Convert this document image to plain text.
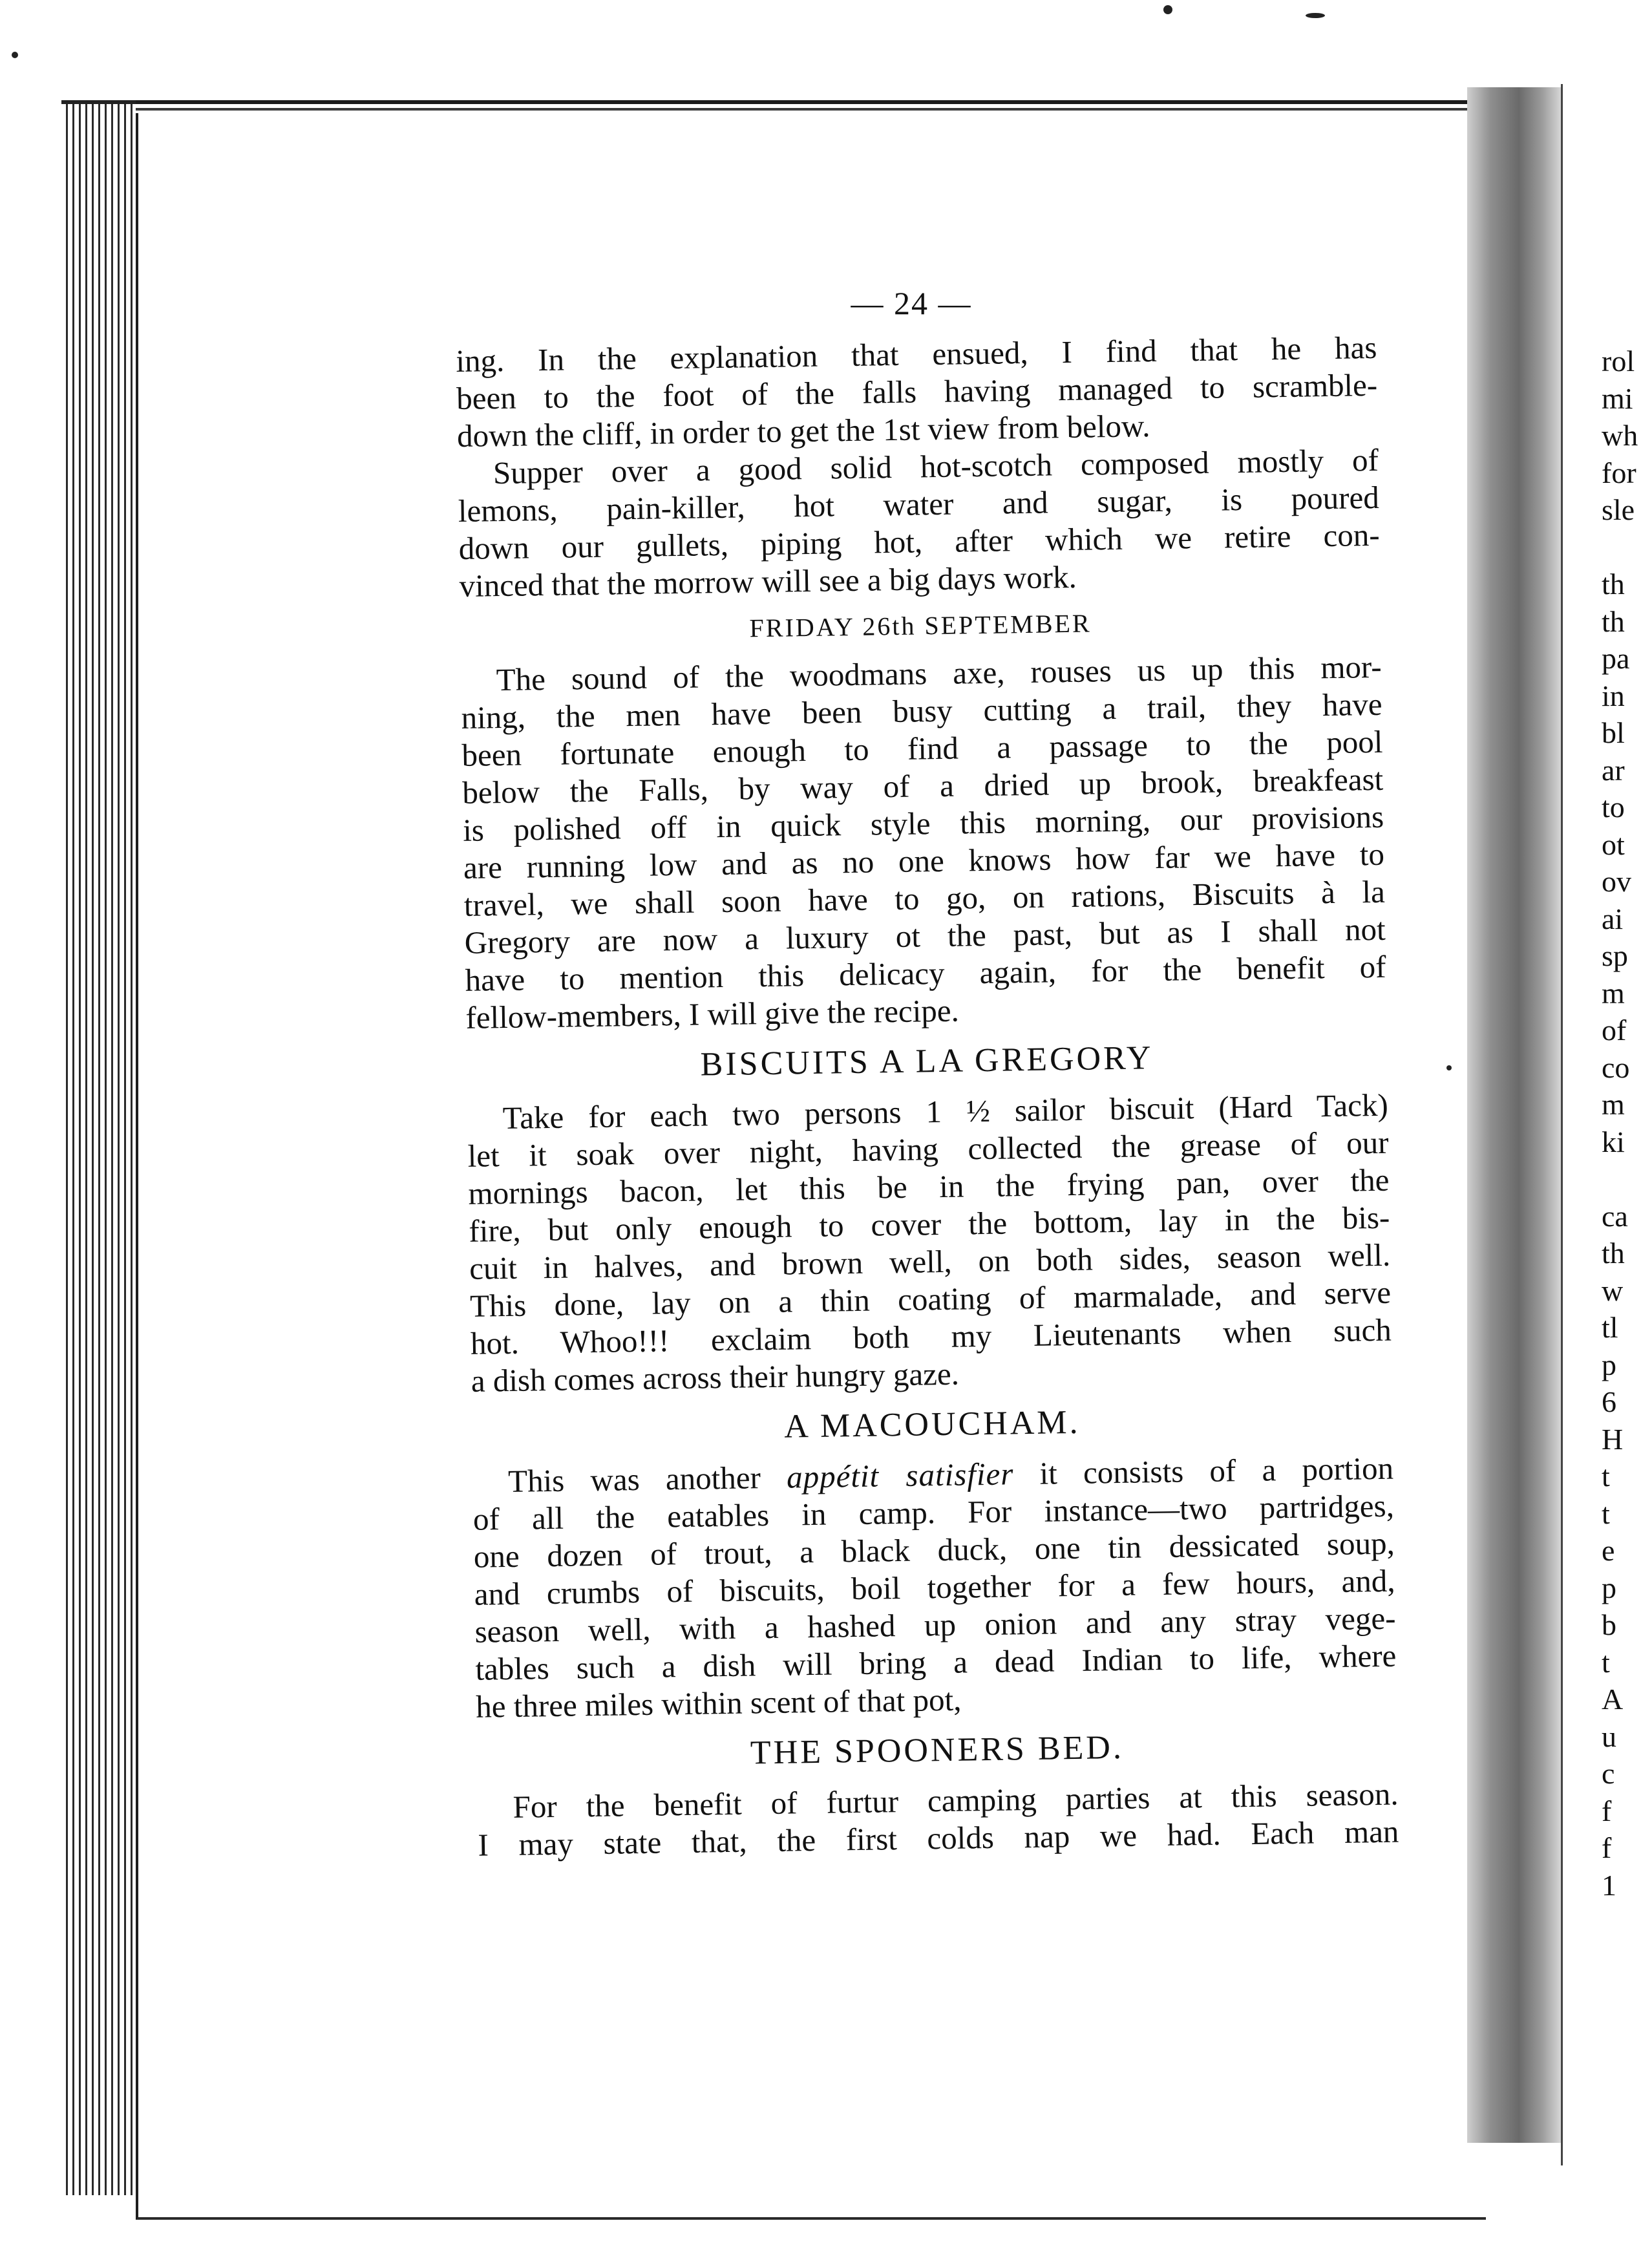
— 24 —
ing. In the explanation that ensued, I find that he has
been to the foot of the falls having managed to scramble-
down the cliff, in order to get the 1st view from below.
Supper over a good solid hot-scotch composed mostly of
lemons, pain-killer, hot water and sugar, is poured
down our gullets, piping hot, after which we retire con-
vinced that the morrow will see a big days work.
FRIDAY 26th SEPTEMBER
The sound of the woodmans axe, rouses us up this mor-
ning, the men have been busy cutting a trail, they have
been fortunate enough to find a passage to the pool
below the Falls, by way of a dried up brook, breakfeast
is polished off in quick style this morning, our provisions
are running low and as no one knows how far we have to
travel, we shall soon have to go, on rations, Biscuits à la
Gregory are now a luxury ot the past, but as I shall not
have to mention this delicacy again, for the benefit of
fellow-members, I will give the recipe.
BISCUITS A LA GREGORY
Take for each two persons 1 ½ sailor biscuit (Hard Tack)
let it soak over night, having collected the grease of our
mornings bacon, let this be in the frying pan, over the
fire, but only enough to cover the bottom, lay in the bis-
cuit in halves, and brown well, on both sides, season well.
This done, lay on a thin coating of marmalade, and serve
hot. Whoo!!! exclaim both my Lieutenants when such
a dish comes across their hungry gaze.
A MACOUCHAM.
This was another appétit satisfier it consists of a portion
of all the eatables in camp. For instance—two partridges,
one dozen of trout, a black duck, one tin dessicated soup,
and crumbs of biscuits, boil together for a few hours, and,
season well, with a hashed up onion and any stray vege-
tables such a dish will bring a dead Indian to life, where
he three miles within scent of that pot,
THE SPOONERS BED.
For the benefit of furtur camping parties at this season.
I may state that, the first colds nap we had. Each man
rol
mi
wh
for
sle
th
th
pa
in
bl
ar
to
ot
ov
ai
sp
m
of
co
m
ki
ca
th
w
tl
p
6
H
t
t
e
p
b
t
A
u
c
f
f
1
